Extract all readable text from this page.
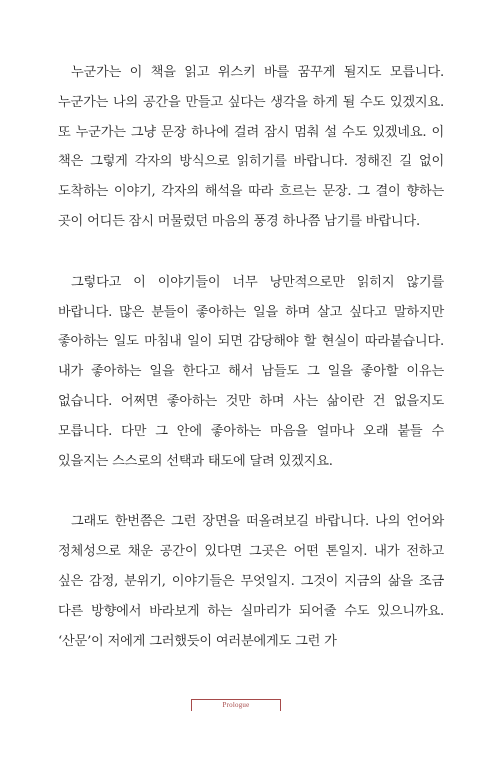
누군가는 이 책을 읽고 위스키 바를 꿈꾸게 될지도 모릅니다. 누군가는 나의 공간을 만들고 싶다는 생각을 하게 될 수도 있겠지요. 또 누군가는 그냥 문장 하나에 걸려 잠시 멈춰 설 수도 있겠네요. 이 책은 그렇게 각자의 방식으로 읽히기를 바랍니다. 정해진 길 없이 도착하는 이야기, 각자의 해석을 따라 흐르는 문장. 그 결이 향하는 곳이 어디든 잠시 머물렀던 마음의 풍경 하나쯤 남기를 바랍니다.

그렇다고 이 이야기들이 너무 낭만적으로만 읽히지 않기를 바랍니다. 많은 분들이 좋아하는 일을 하며 살고 싶다고 말하지만 좋아하는 일도 마침내 일이 되면 감당해야 할 현실이 따라붙습니다. 내가 좋아하는 일을 한다고 해서 남들도 그 일을 좋아할 이유는 없습니다. 어쩌면 좋아하는 것만 하며 사는 삶이란 건 없을지도 모릅니다. 다만 그 안에 좋아하는 마음을 얼마나 오래 붙들 수 있을지는 스스로의 선택과 태도에 달려 있겠지요.

그래도 한번쯤은 그런 장면을 떠올려보길 바랍니다. 나의 언어와 정체성으로 채운 공간이 있다면 그곳은 어떤 톤일지. 내가 전하고 싶은 감정, 분위기, 이야기들은 무엇일지. 그것이 지금의 삶을 조금 다른 방향에서 바라보게 하는 실마리가 되어줄 수도 있으니까요. ‘산문’이 저에게 그러했듯이 여러분에게도 그런 가

Prologue
